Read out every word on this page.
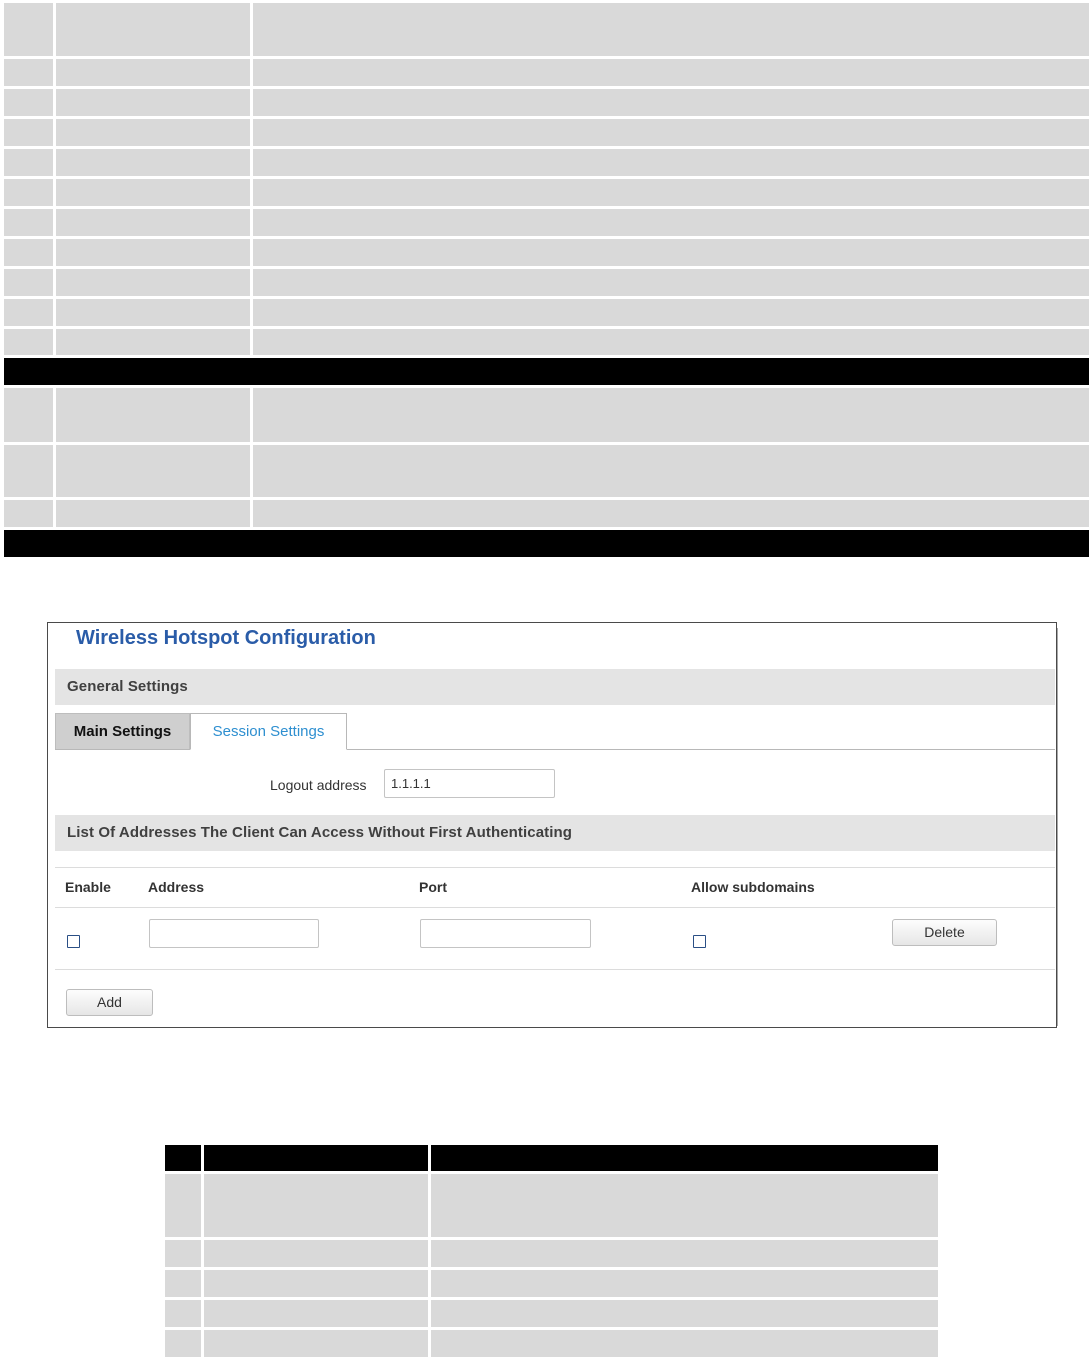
Wireless Hotspot Configuration
General Settings
Main Settings	Session Settings
Logout address
1.1.1.1
List Of Addresses The Client Can Access Without First Authenticating
Enable	Address	Port	Allow subdomains
Delete
Add
